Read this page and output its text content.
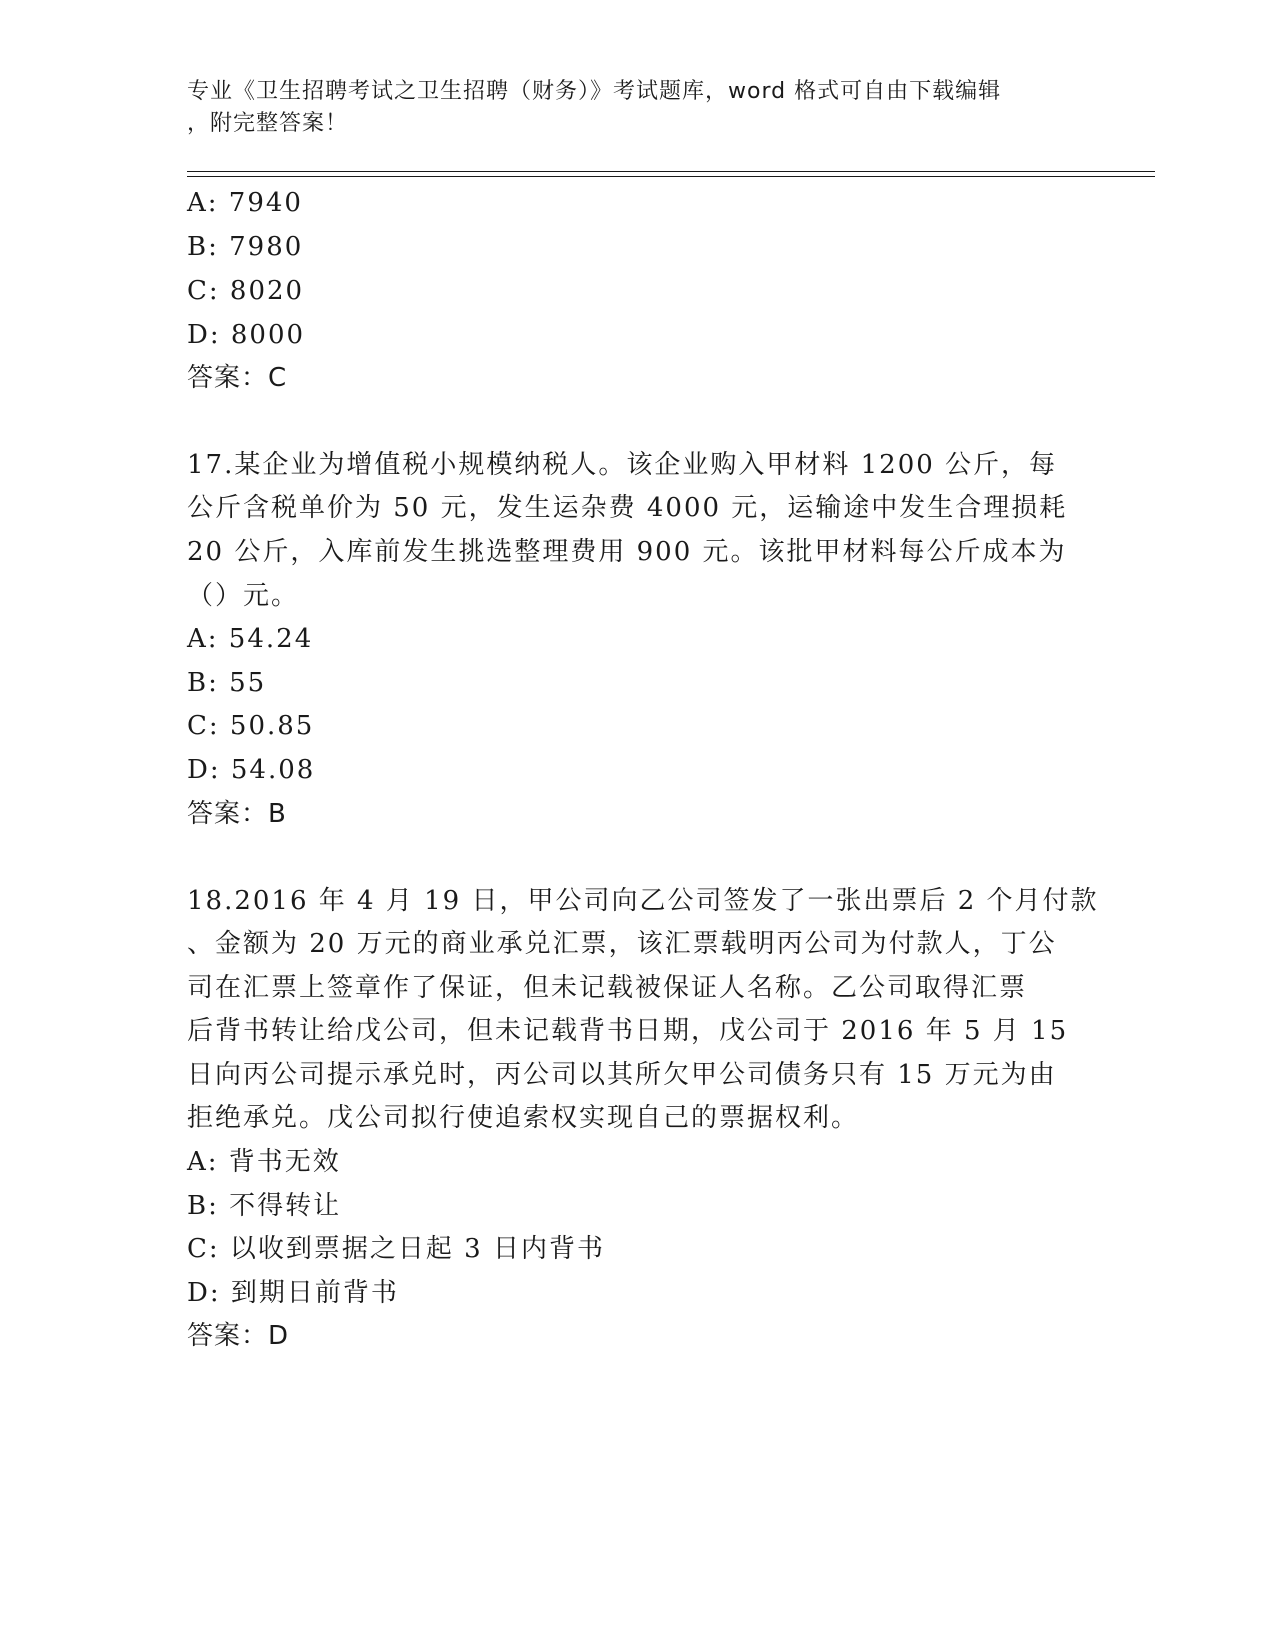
专业《卫生招聘考试之卫生招聘（财务）》考试题库，word 格式可自由下载编辑
，附完整答案！
A: 7940
B: 7980
C: 8020
D: 8000
答案：C
17.某企业为增值税小规模纳税人。该企业购入甲材料 1200 公斤，每
公斤含税单价为 50 元，发生运杂费 4000 元，运输途中发生合理损耗
20 公斤，入库前发生挑选整理费用 900 元。该批甲材料每公斤成本为
（）元。
A: 54.24
B: 55
C: 50.85
D: 54.08
答案：B
18.2016 年 4 月 19 日，甲公司向乙公司签发了一张出票后 2 个月付款
、金额为 20 万元的商业承兑汇票，该汇票载明丙公司为付款人，丁公
司在汇票上签章作了保证，但未记载被保证人名称。乙公司取得汇票
后背书转让给戊公司，但未记载背书日期，戊公司于 2016 年 5 月 15
日向丙公司提示承兑时，丙公司以其所欠甲公司债务只有 15 万元为由
拒绝承兑。戊公司拟行使追索权实现自己的票据权利。
A: 背书无效
B: 不得转让
C: 以收到票据之日起 3 日内背书
D: 到期日前背书
答案：D
